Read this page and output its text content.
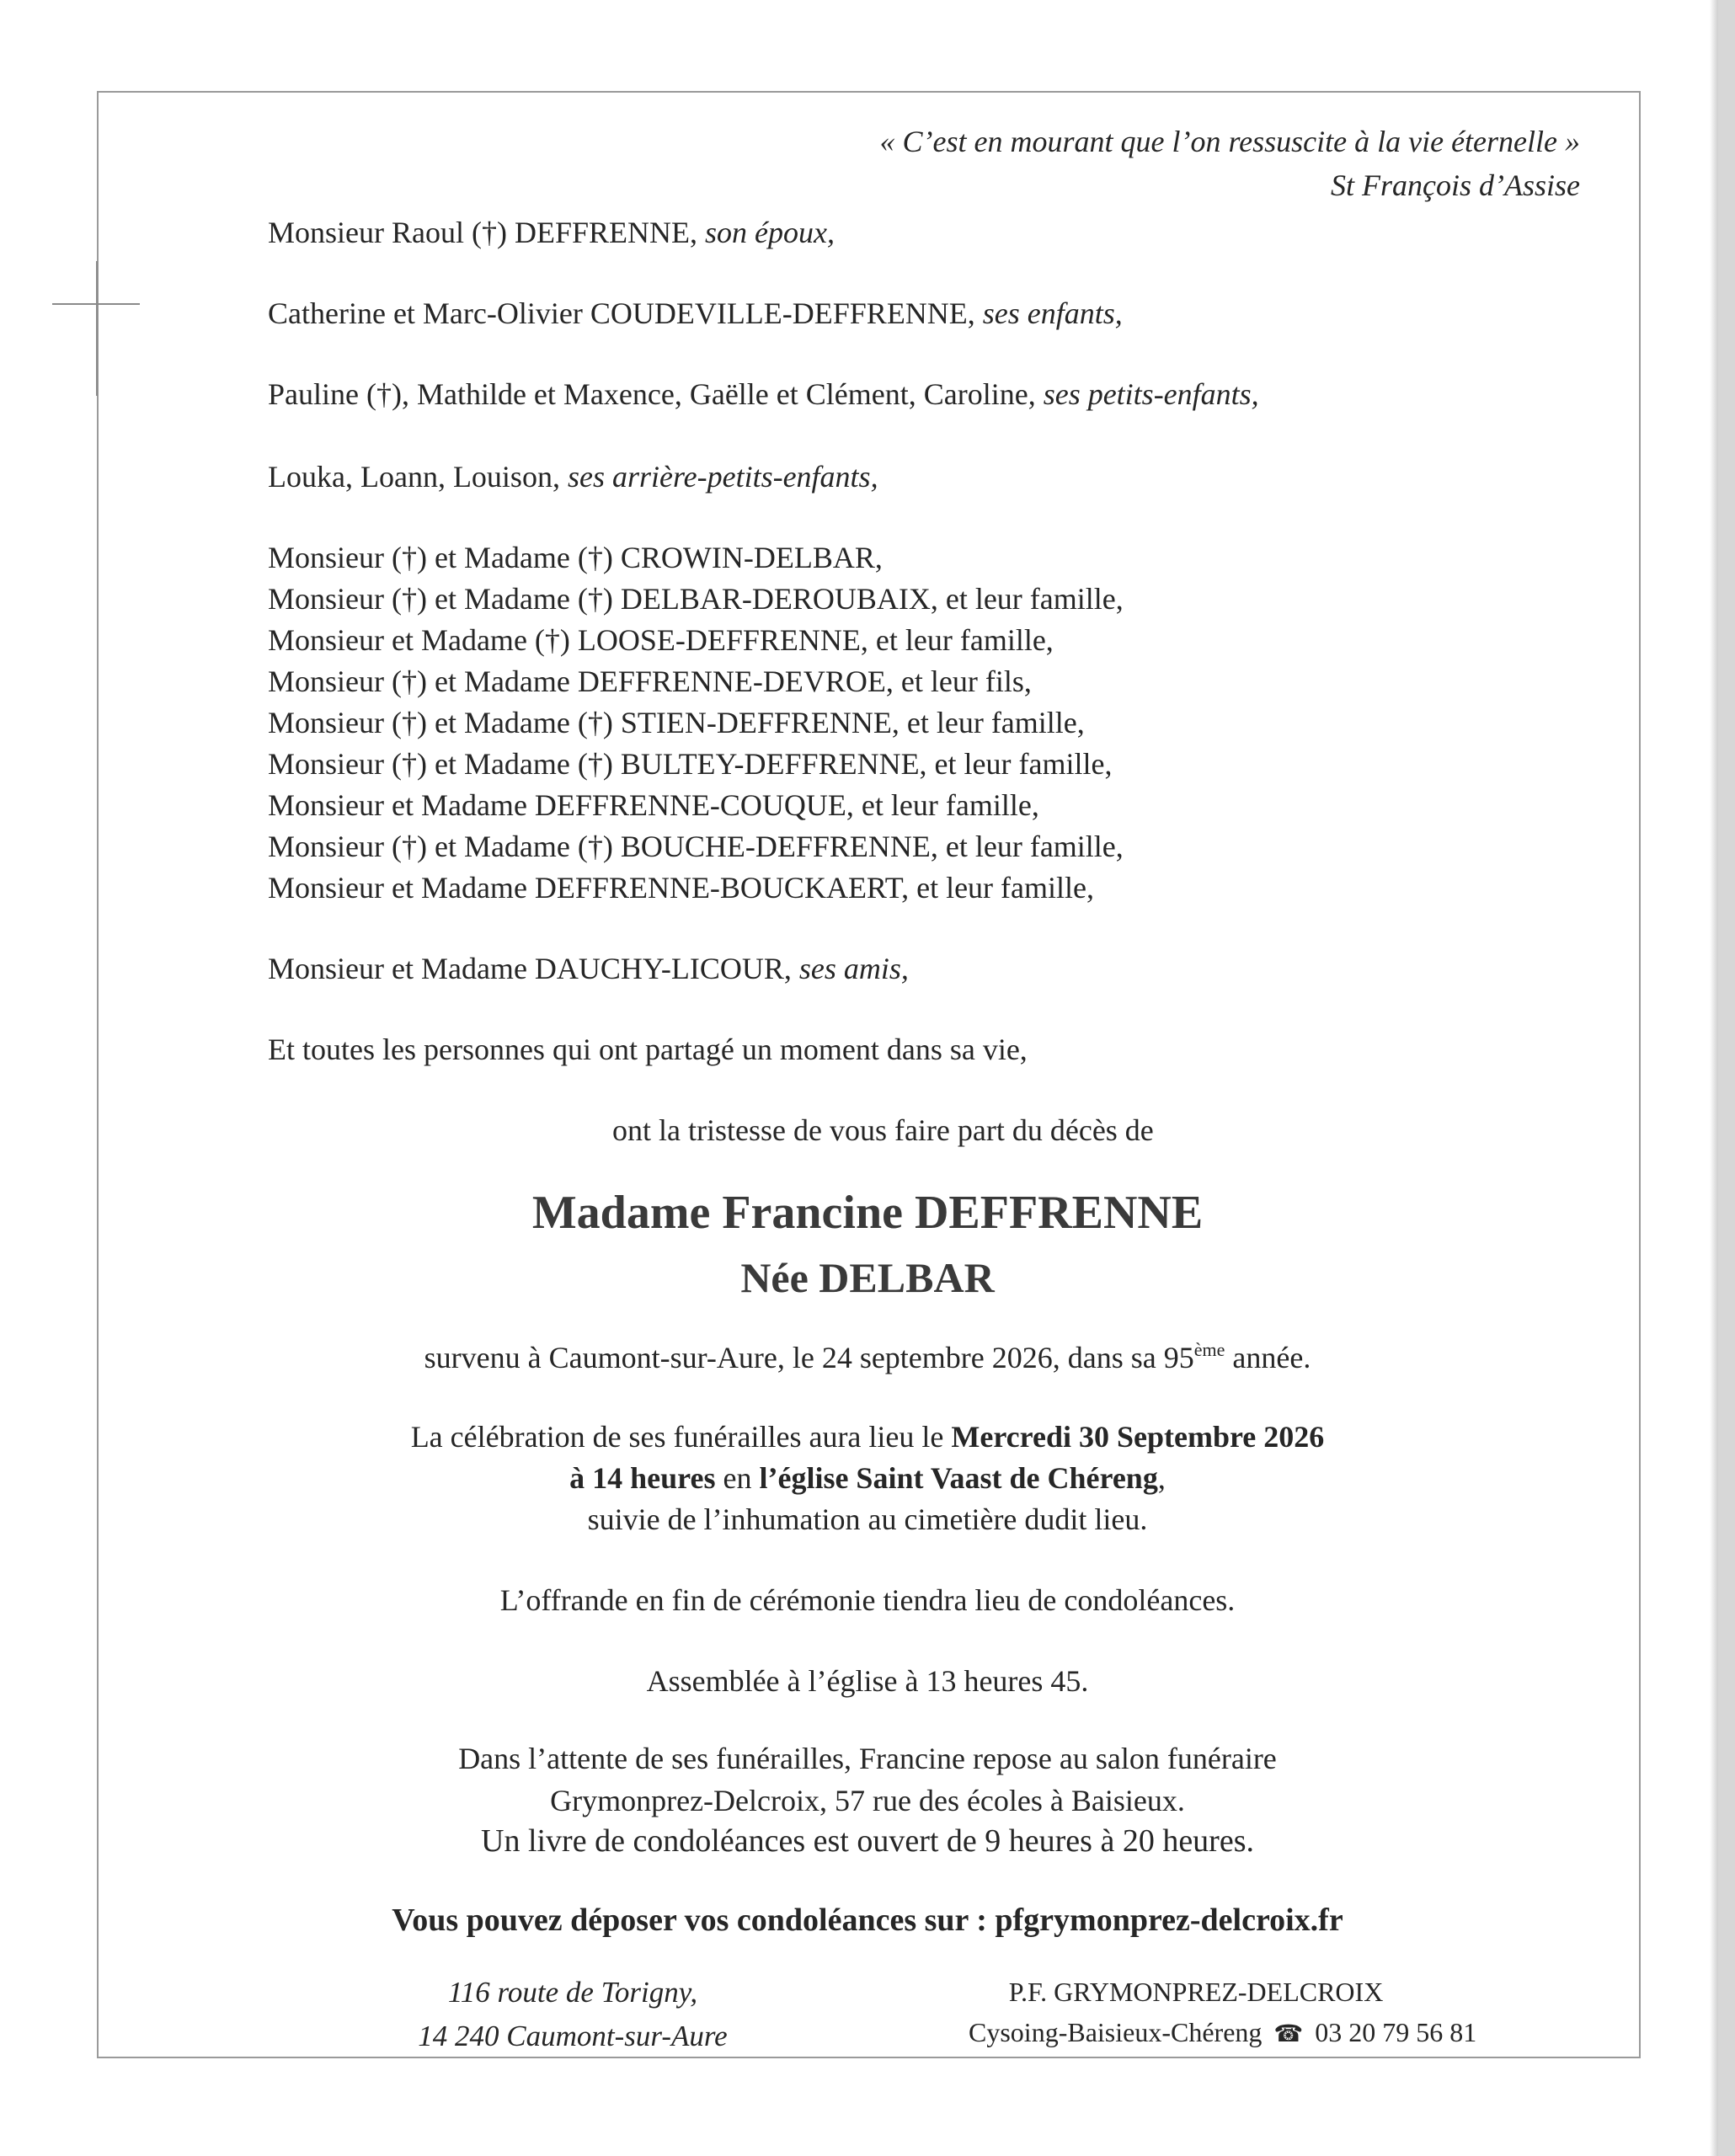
« C’est en mourant que l’on ressuscite à la vie éternelle »
St François d’Assise
Monsieur Raoul (†) DEFFRENNE, son époux,
Catherine et Marc-Olivier COUDEVILLE-DEFFRENNE, ses enfants,
Pauline (†), Mathilde et Maxence, Gaëlle et Clément, Caroline, ses petits-enfants,
Louka, Loann, Louison, ses arrière-petits-enfants,
Monsieur (†) et Madame (†) CROWIN-DELBAR,
Monsieur (†) et Madame (†) DELBAR-DEROUBAIX, et leur famille,
Monsieur et Madame (†) LOOSE-DEFFRENNE, et leur famille,
Monsieur (†) et Madame DEFFRENNE-DEVROE, et leur fils,
Monsieur (†) et Madame (†) STIEN-DEFFRENNE, et leur famille,
Monsieur (†) et Madame (†) BULTEY-DEFFRENNE, et leur famille,
Monsieur et Madame DEFFRENNE-COUQUE, et leur famille,
Monsieur (†) et Madame (†) BOUCHE-DEFFRENNE, et leur famille,
Monsieur et Madame DEFFRENNE-BOUCKAERT, et leur famille,
Monsieur et Madame DAUCHY-LICOUR, ses amis,
Et toutes les personnes qui ont partagé un moment dans sa vie,
ont la tristesse de vous faire part du décès de
Madame Francine DEFFRENNE
Née DELBAR
survenu à Caumont-sur-Aure, le 24 septembre 2026, dans sa 95ème année.
La célébration de ses funérailles aura lieu le Mercredi 30 Septembre 2026
à 14 heures en l’église Saint Vaast de Chéreng,
suivie de l’inhumation au cimetière dudit lieu.
L’offrande en fin de cérémonie tiendra lieu de condoléances.
Assemblée à l’église à 13 heures 45.
Dans l’attente de ses funérailles, Francine repose au salon funéraire
Grymonprez-Delcroix, 57 rue des écoles à Baisieux.
Un livre de condoléances est ouvert de 9 heures à 20 heures.
Vous pouvez déposer vos condoléances sur : pfgrymonprez-delcroix.fr
116 route de Torigny,
14 240 Caumont-sur-Aure
P.F. GRYMONPREZ-DELCROIX
Cysoing-Baisieux-Chéreng ☎ 03 20 79 56 81
